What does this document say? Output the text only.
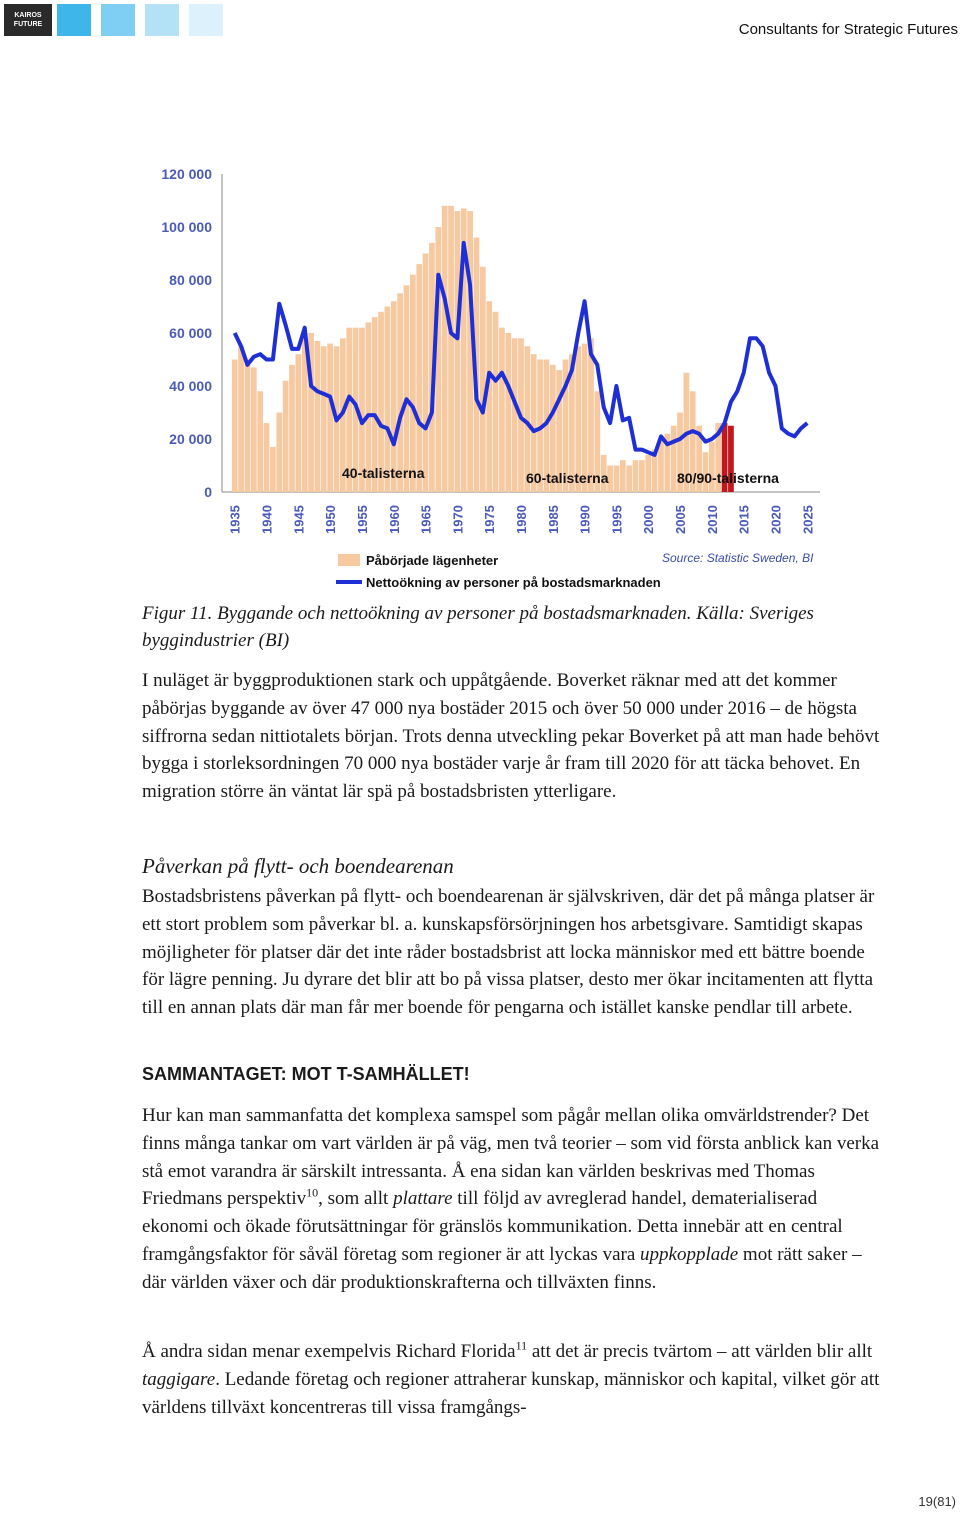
KAIROS
FUTURE	Consultants for Strategic Futures
0
20 000
40 000
60 000
80 000
100 000
120 000
1935 1940 1945 1950 1955 1960 1965 1970 1975 1980 1985 1990 1995 2000 2005 2010 2015 2020 2025
40-talisterna	60-talisterna	80/90-talisterna
Påbörjade lägenheter
Nettoökning av personer på bostadsmarknaden
Source: Statistic Sweden, BI
Figur 11. Byggande och nettoökning av personer på bostadsmarknaden. Källa: Sveriges byggindustrier (BI)

I nuläget är byggproduktionen stark och uppåtgående. Boverket räknar med att det kommer påbörjas byggande av över 47 000 nya bostäder 2015 och över 50 000 under 2016 – de högsta siffrorna sedan nittiotalets början. Trots denna utveckling pekar Boverket på att man hade behövt bygga i storleksordningen 70 000 nya bostäder varje år fram till 2020 för att täcka behovet. En migration större än väntat lär spä på bostadsbristen ytterligare.

Påverkan på flytt- och boendearenan

Bostadsbristens påverkan på flytt- och boendearenan är självskriven, där det på många platser är ett stort problem som påverkar bl. a. kunskapsförsörjningen hos arbetsgivare. Samtidigt skapas möjligheter för platser där det inte råder bostadsbrist att locka människor med ett bättre boende för lägre penning. Ju dyrare det blir att bo på vissa platser, desto mer ökar incitamenten att flytta till en annan plats där man får mer boende för pengarna och istället kanske pendlar till arbete.

SAMMANTAGET: MOT T-SAMHÄLLET!

Hur kan man sammanfatta det komplexa samspel som pågår mellan olika omvärldstrender? Det finns många tankar om vart världen är på väg, men två teorier – som vid första anblick kan verka stå emot varandra är särskilt intressanta. Å ena sidan kan världen beskrivas med Thomas Friedmans perspektiv$^{10}$, som allt plattare till följd av avreglerad handel, dematerialiserad ekonomi och ökade förutsättningar för gränslös kommunikation. Detta innebär att en central framgångsfaktor för såväl företag som regioner är att lyckas vara uppkopplade mot rätt saker – där världen växer och där produktionskrafterna och tillväxten finns.

Å andra sidan menar exempelvis Richard Florida$^{11}$ att det är precis tvärtom – att världen blir allt taggigare. Ledande företag och regioner attraherar kunskap, människor och kapital, vilket gör att världens tillväxt koncentreras till vissa framgångs-

19(81)
